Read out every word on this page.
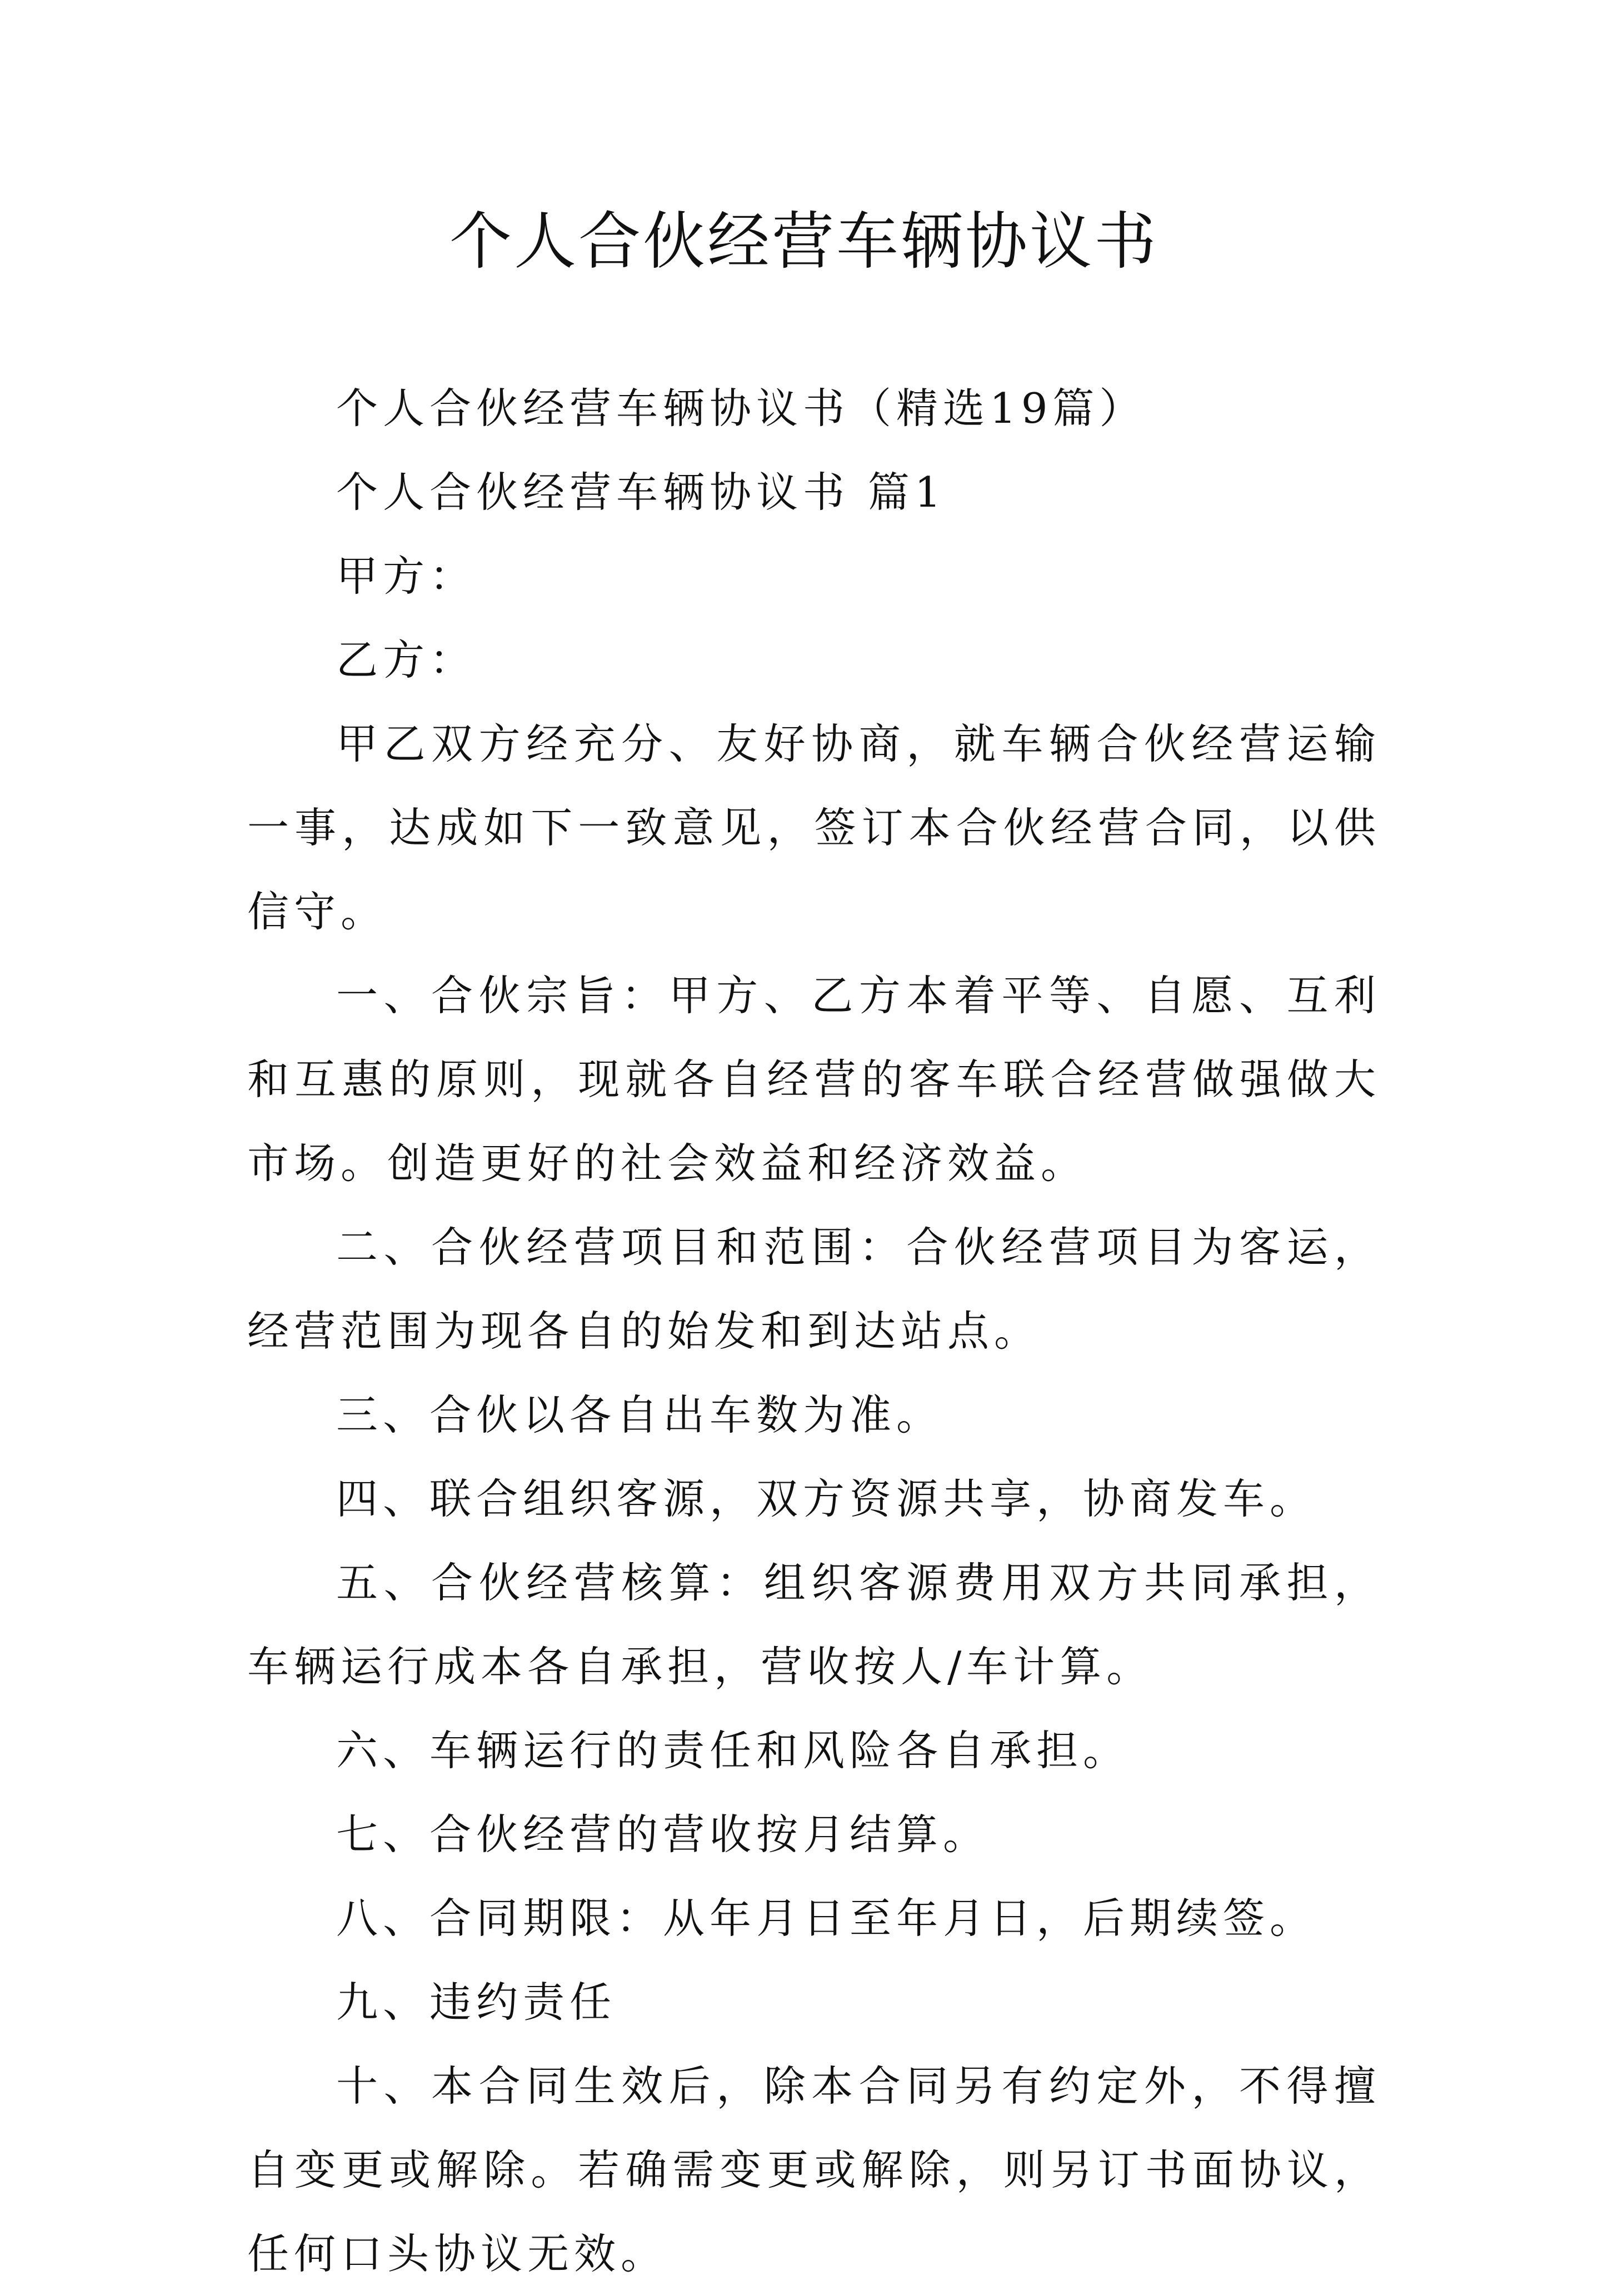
个人合伙经营车辆协议书

个人合伙经营车辆协议书（精选19篇）

个人合伙经营车辆协议书 篇1

甲方：

乙方：

甲乙双方经充分、友好协商，就车辆合伙经营运输一事，达成如下一致意见，签订本合伙经营合同，以供信守。

一、合伙宗旨：甲方、乙方本着平等、自愿、互利和互惠的原则，现就各自经营的客车联合经营做强做大市场。创造更好的社会效益和经济效益。

二、合伙经营项目和范围：合伙经营项目为客运，经营范围为现各自的始发和到达站点。

三、合伙以各自出车数为准。

四、联合组织客源，双方资源共享，协商发车。

五、合伙经营核算：组织客源费用双方共同承担，车辆运行成本各自承担，营收按人/车计算。

六、车辆运行的责任和风险各自承担。

七、合伙经营的营收按月结算。

八、合同期限：从年月日至年月日，后期续签。

九、违约责任

十、本合同生效后，除本合同另有约定外，不得擅自变更或解除。若确需变更或解除，则另订书面协议，任何口头协议无效。
